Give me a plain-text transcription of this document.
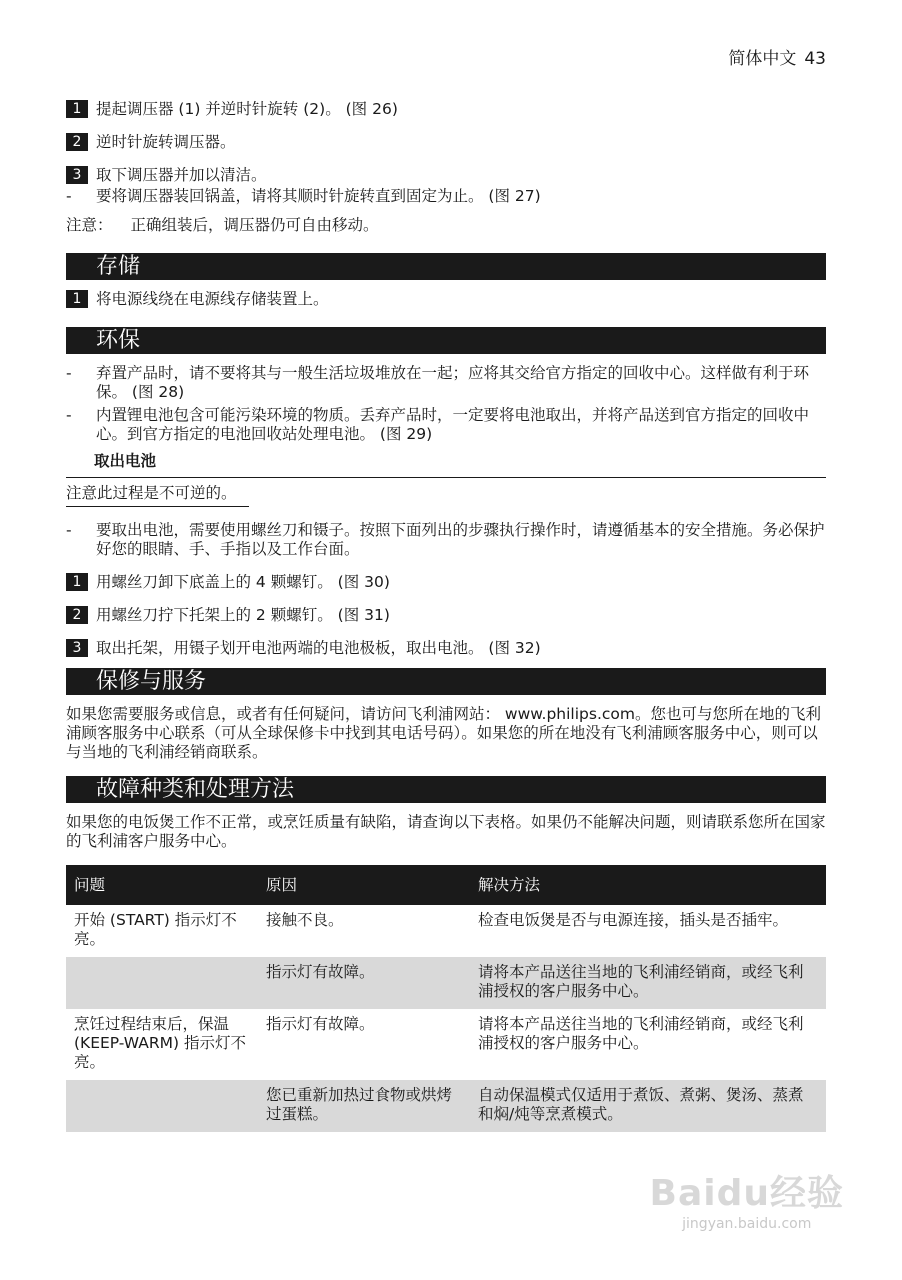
简体中文 43
1 提起调压器 (1) 并逆时针旋转 (2)。 (图 26)
2 逆时针旋转调压器。
3 取下调压器并加以清洁。
-	要将调压器装回锅盖，请将其顺时针旋转直到固定为止。 (图 27)
注意： 正确组装后，调压器仍可自由移动。
存储
1 将电源线绕在电源线存储装置上。
环保
-	弃置产品时，请不要将其与一般生活垃圾堆放在一起；应将其交给官方指定的回收中心。这样做有利于环保。 (图 28)
-	内置锂电池包含可能污染环境的物质。丢弃产品时，一定要将电池取出，并将产品送到官方指定的回收中心。到官方指定的电池回收站处理电池。 (图 29)
取出电池
注意此过程是不可逆的。
-	要取出电池，需要使用螺丝刀和镊子。按照下面列出的步骤执行操作时，请遵循基本的安全措施。务必保护好您的眼睛、手、手指以及工作台面。
1 用螺丝刀卸下底盖上的 4 颗螺钉。 (图 30)
2 用螺丝刀拧下托架上的 2 颗螺钉。 (图 31)
3 取出托架，用镊子划开电池两端的电池极板，取出电池。 (图 32)
保修与服务
如果您需要服务或信息，或者有任何疑问，请访问飞利浦网站： www.philips.com。您也可与您所在地的飞利浦顾客服务中心联系（可从全球保修卡中找到其电话号码）。如果您的所在地没有飞利浦顾客服务中心，则可以与当地的飞利浦经销商联系。
故障种类和处理方法
如果您的电饭煲工作不正常，或烹饪质量有缺陷，请查询以下表格。如果仍不能解决问题，则请联系您所在国家的飞利浦客户服务中心。
问题	原因	解决方法
开始 (START) 指示灯不亮。	接触不良。	检查电饭煲是否与电源连接，插头是否插牢。
	指示灯有故障。	请将本产品送往当地的飞利浦经销商，或经飞利浦授权的客户服务中心。
烹饪过程结束后，保温 (KEEP-WARM) 指示灯不亮。	指示灯有故障。	请将本产品送往当地的飞利浦经销商，或经飞利浦授权的客户服务中心。
	您已重新加热过食物或烘烤过蛋糕。	自动保温模式仅适用于煮饭、煮粥、煲汤、蒸煮和焖/炖等烹煮模式。
Baidu经验
jingyan.baidu.com
